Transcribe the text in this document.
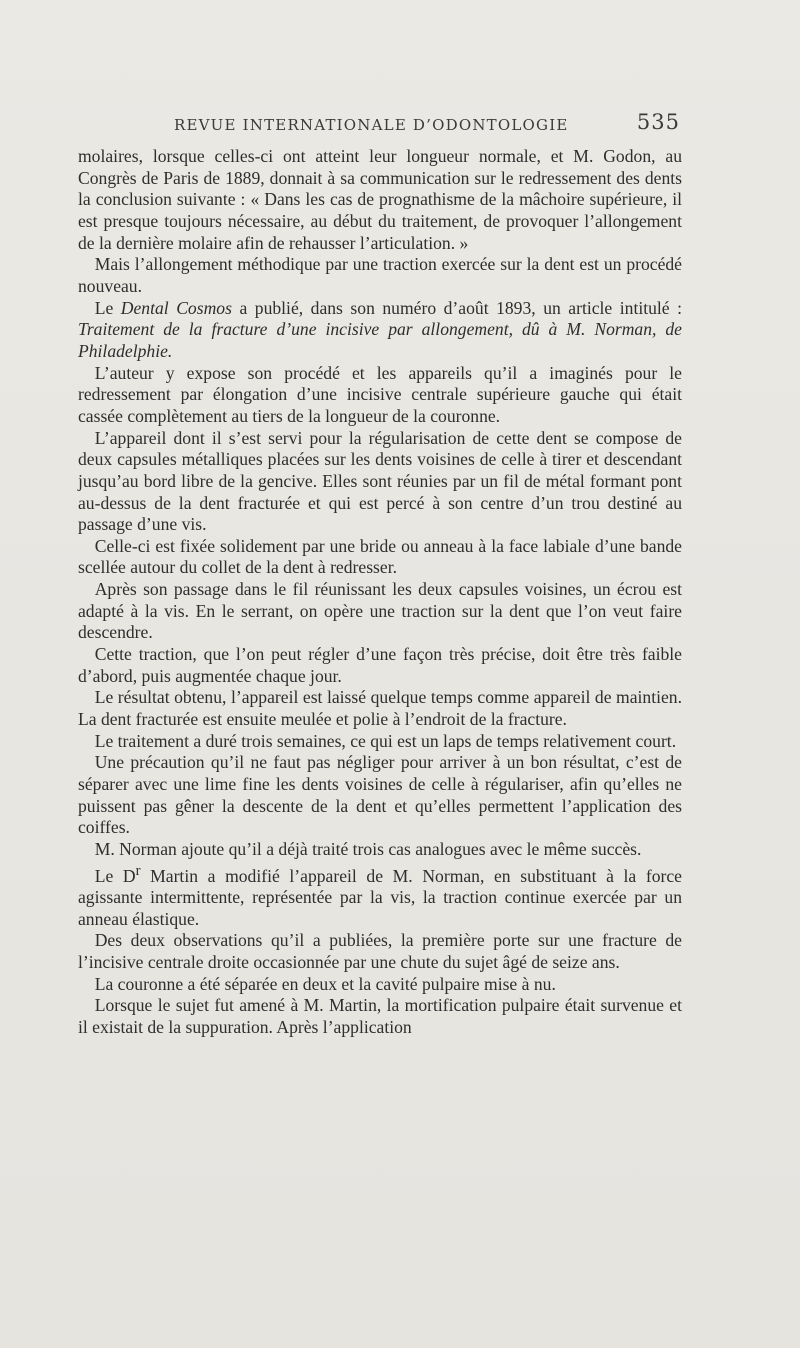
REVUE INTERNATIONALE D’ODONTOLOGIE	535

molaires, lorsque celles-ci ont atteint leur longueur normale, et M. Godon, au Congrès de Paris de 1889, donnait à sa communication sur le redressement des dents la conclusion suivante : « Dans les cas de prognathisme de la mâchoire supérieure, il est presque toujours nécessaire, au début du traitement, de provoquer l’allongement de la dernière molaire afin de rehausser l’articulation. »

Mais l’allongement méthodique par une traction exercée sur la dent est un procédé nouveau.

Le Dental Cosmos a publié, dans son numéro d’août 1893, un article intitulé : Traitement de la fracture d’une incisive par allongement, dû à M. Norman, de Philadelphie.

L’auteur y expose son procédé et les appareils qu’il a imaginés pour le redressement par élongation d’une incisive centrale supérieure gauche qui était cassée complètement au tiers de la longueur de la couronne.

L’appareil dont il s’est servi pour la régularisation de cette dent se compose de deux capsules métalliques placées sur les dents voisines de celle à tirer et descendant jusqu’au bord libre de la gencive. Elles sont réunies par un fil de métal formant pont au-dessus de la dent fracturée et qui est percé à son centre d’un trou destiné au passage d’une vis.

Celle-ci est fixée solidement par une bride ou anneau à la face labiale d’une bande scellée autour du collet de la dent à redresser.

Après son passage dans le fil réunissant les deux capsules voisines, un écrou est adapté à la vis. En le serrant, on opère une traction sur la dent que l’on veut faire descendre.

Cette traction, que l’on peut régler d’une façon très précise, doit être très faible d’abord, puis augmentée chaque jour.

Le résultat obtenu, l’appareil est laissé quelque temps comme appareil de maintien. La dent fracturée est ensuite meulée et polie à l’endroit de la fracture.

Le traitement a duré trois semaines, ce qui est un laps de temps relativement court.

Une précaution qu’il ne faut pas négliger pour arriver à un bon résultat, c’est de séparer avec une lime fine les dents voisines de celle à régulariser, afin qu’elles ne puissent pas gêner la descente de la dent et qu’elles permettent l’application des coiffes.

M. Norman ajoute qu’il a déjà traité trois cas analogues avec le même succès.

Le $D^r$ Martin a modifié l’appareil de M. Norman, en substituant à la force agissante intermittente, représentée par la vis, la traction continue exercée par un anneau élastique.

Des deux observations qu’il a publiées, la première porte sur une fracture de l’incisive centrale droite occasionnée par une chute du sujet âgé de seize ans.

La couronne a été séparée en deux et la cavité pulpaire mise à nu.

Lorsque le sujet fut amené à M. Martin, la mortification pulpaire était survenue et il existait de la suppuration. Après l’application
